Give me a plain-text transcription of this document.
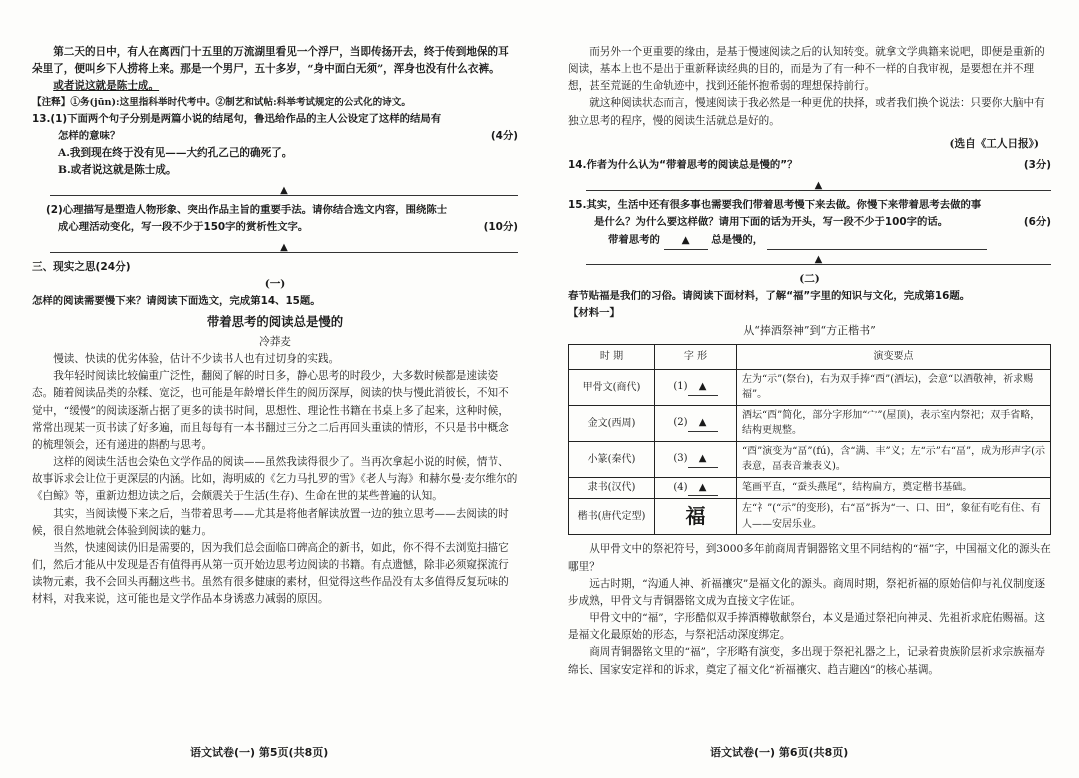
第二天的日中，有人在离西门十五里的万流湖里看见一个浮尸，当即传扬开去，终于传到地保的耳朵里了，便叫乡下人捞将上来。那是一个男尸，五十多岁，“身中面白无须”，浑身也没有什么衣裤。

或者说这就是陈士成。

【注释】①务(jūn):这里指科举时代考中。②制艺和试帖:科举考试规定的公式化的诗文。

13.(1)下面两个句子分别是两篇小说的结尾句，鲁迅给作品的主人公设定了这样的结局有
怎样的意味？	(4分)

A.我到现在终于没有见——大约孔乙己的确死了。

B.或者说这就是陈士成。

▲
(2)心理描写是塑造人物形象、突出作品主旨的重要手法。请你结合选文内容，围绕陈士
成心理活动变化，写一段不少于150字的赏析性文字。	(10分)
▲

三、现实之思(24分)

(一)

怎样的阅读需要慢下来？请阅读下面选文，完成第14、15题。

带着思考的阅读总是慢的

冷莽麦

慢读、快读的优劣体验，估计不少读书人也有过切身的实践。

我年轻时阅读比较偏重广泛性，翻阅了解的时日多，静心思考的时段少，大多数时候都是速读姿态。随着阅读品类的杂糅、宽泛，也可能是年龄增长伴生的阅历深厚，阅读的快与慢此消彼长，不知不觉中，“缓慢”的阅读逐渐占据了更多的读书时间，思想性、理论性书籍在书桌上多了起来，这种时候，常常出现某一页书读了好多遍，而且每每有一本书翻过三分之二后再回头重读的情形，不只是书中概念的梳理领会，还有递进的斟酌与思考。

这样的阅读生活也会染色文学作品的阅读——虽然我读得很少了。当再次拿起小说的时候，情节、故事诉求会让位于更深层的内涵。比如，海明威的《乞力马扎罗的雪》《老人与海》和赫尔曼·麦尔维尔的《白鲸》等，重新边想边读之后，会颇震关于生活(生存)、生命在世的某些普遍的认知。

其实，当阅读慢下来之后，当带着思考——尤其是将他者解读放置一边的独立思考——去阅读的时候，很自然地就会体验到阅读的魅力。

当然，快速阅读仍旧是需要的，因为我们总会面临口碑高企的新书，如此，你不得不去浏览扫描它们，然后才能从中发现是否有值得再从第一页开始边思考边阅读的书籍。有点遗憾，除非必须窥探流行读物元素，我不会回头再翻这些书。虽然有很多健康的素材，但觉得这些作品没有太多值得反复玩味的材料，对我来说，这可能也是文学作品本身诱惑力减弱的原因。

语文试卷(一) 第5页(共8页)

而另外一个更重要的缘由，是基于慢速阅读之后的认知转变。就拿文学典籍来说吧，即便是重新的阅读，基本上也不是出于重新释读经典的目的，而是为了有一种不一样的自我审视，是要想在并不理想，甚至荒诞的生命轨迹中，找到还能怀抱希弱的理想保持前行。

就这种阅读状态而言，慢速阅读于我必然是一种更优的抉择，或者我们换个说法：只要你大脑中有独立思考的程序，慢的阅读生活就总是好的。

(选自《工人日报》)

14.作者为什么认为“带着思考的阅读总是慢的”？	(3分)
▲
15.其实，生活中还有很多事也需要我们带着思考慢下来去做。你慢下来带着思考去做的事
是什么？为什么要这样做？请用下面的话为开头，写一段不少于100字的话。	(6分)
带着思考的 ▲ 总是慢的，
▲

(二)

春节贴福是我们的习俗。请阅读下面材料，了解“福”字里的知识与文化，完成第16题。

【材料一】

从“捧酒祭神”到“方正楷书”

时 期	字 形	演变要点
甲骨文(商代)	(1) ▲	左为“示”(祭台)，右为双手捧“酉”(酒坛)，会意“以酒敬神，祈求赐福”。
金文(西周)	(2) ▲	酒坛“酉”简化，部分字形加“宀”(屋顶)，表示室内祭祀；双手省略，结构更规整。
小篆(秦代)	(3) ▲	“酉”演变为“畐”(fú)，含“满、丰”义；左“示”右“畐”，成为形声字(示表意，畐表音兼表义)。
隶书(汉代)	(4) ▲	笔画平直，“蚕头燕尾”，结构扁方，奠定楷书基础。
楷书(唐代定型)	福	左“礻”(“示”的变形)，右“畐”拆为“一、口、田”，象征有吃有住、有人——安居乐业。

从甲骨文中的祭祀符号，到3000多年前商周青铜器铭文里不同结构的“福”字，中国福文化的源头在哪里？

远古时期，“沟通人神、祈福禳灾”是福文化的源头。商周时期，祭祀祈福的原始信仰与礼仪制度逐步成熟，甲骨文与青铜器铭文成为直接文字佐证。

甲骨文中的“福”，字形酷似双手捧酒樽敬献祭台，本义是通过祭祀向神灵、先祖祈求庇佑赐福。这是福文化最原始的形态，与祭祀活动深度绑定。

商周青铜器铭文里的“福”，字形略有演变，多出现于祭祀礼器之上，记录着贵族阶层祈求宗族福寿绵长、国家安定祥和的诉求，奠定了福文化“祈福禳灾、趋吉避凶”的核心基调。

语文试卷(一) 第6页(共8页)
